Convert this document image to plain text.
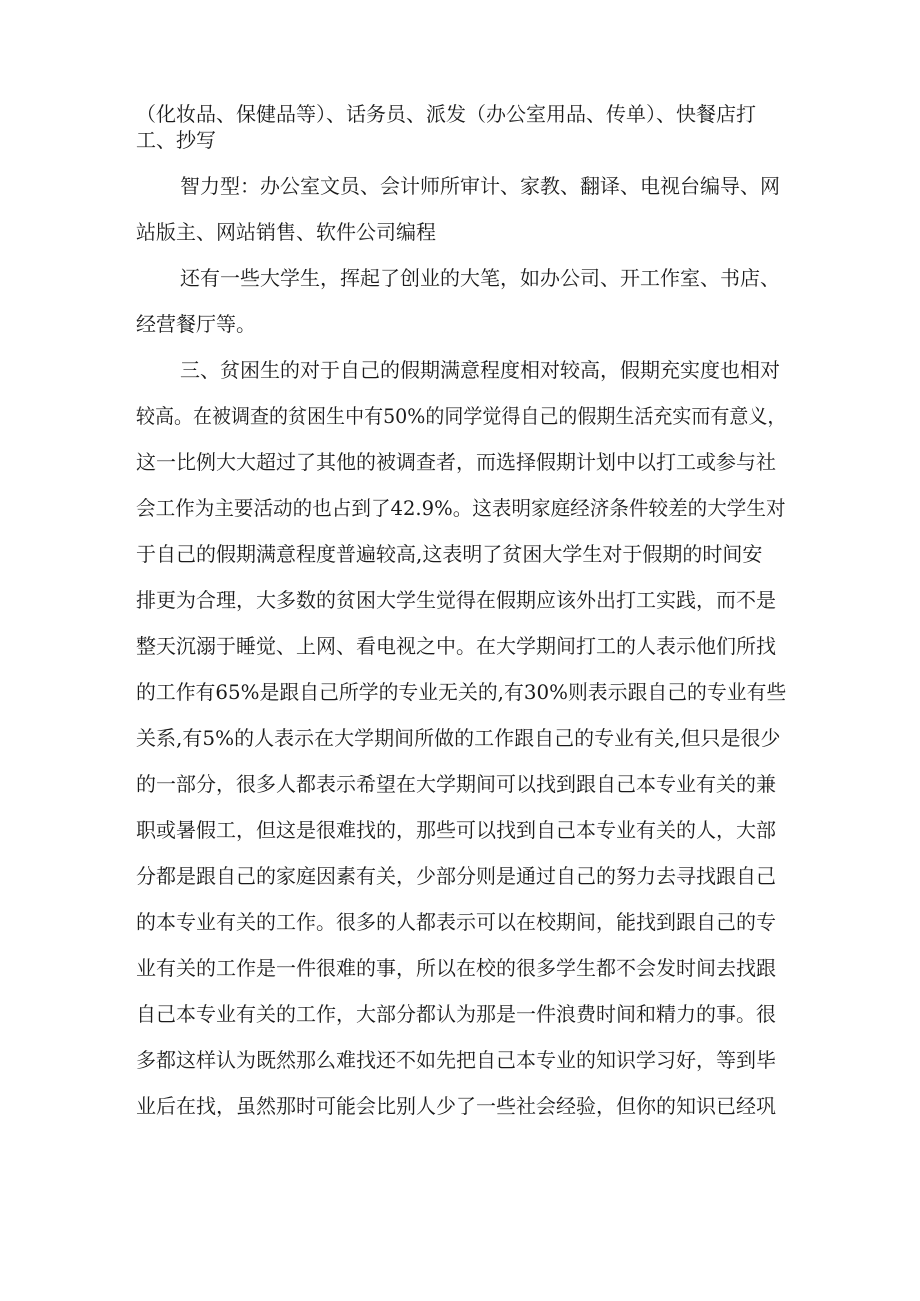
（化妆品、保健品等）、话务员、派发（办公室用品、传单）、快餐店打
工、抄写
智力型：办公室文员、会计师所审计、家教、翻译、电视台编导、网
站版主、网站销售、软件公司编程
还有一些大学生，挥起了创业的大笔，如办公司、开工作室、书店、
经营餐厅等。
三、贫困生的对于自己的假期满意程度相对较高，假期充实度也相对
较高。在被调查的贫困生中有50%的同学觉得自己的假期生活充实而有意义，
这一比例大大超过了其他的被调查者，而选择假期计划中以打工或参与社
会工作为主要活动的也占到了42.9%。这表明家庭经济条件较差的大学生对
于自己的假期满意程度普遍较高,这表明了贫困大学生对于假期的时间安
排更为合理，大多数的贫困大学生觉得在假期应该外出打工实践，而不是
整天沉溺于睡觉、上网、看电视之中。在大学期间打工的人表示他们所找
的工作有65%是跟自己所学的专业无关的,有30%则表示跟自己的专业有些
关系,有5%的人表示在大学期间所做的工作跟自己的专业有关,但只是很少
的一部分，很多人都表示希望在大学期间可以找到跟自己本专业有关的兼
职或暑假工，但这是很难找的，那些可以找到自己本专业有关的人，大部
分都是跟自己的家庭因素有关，少部分则是通过自己的努力去寻找跟自己
的本专业有关的工作。很多的人都表示可以在校期间，能找到跟自己的专
业有关的工作是一件很难的事，所以在校的很多学生都不会发时间去找跟
自己本专业有关的工作，大部分都认为那是一件浪费时间和精力的事。很
多都这样认为既然那么难找还不如先把自己本专业的知识学习好，等到毕
业后在找，虽然那时可能会比别人少了一些社会经验，但你的知识已经巩
